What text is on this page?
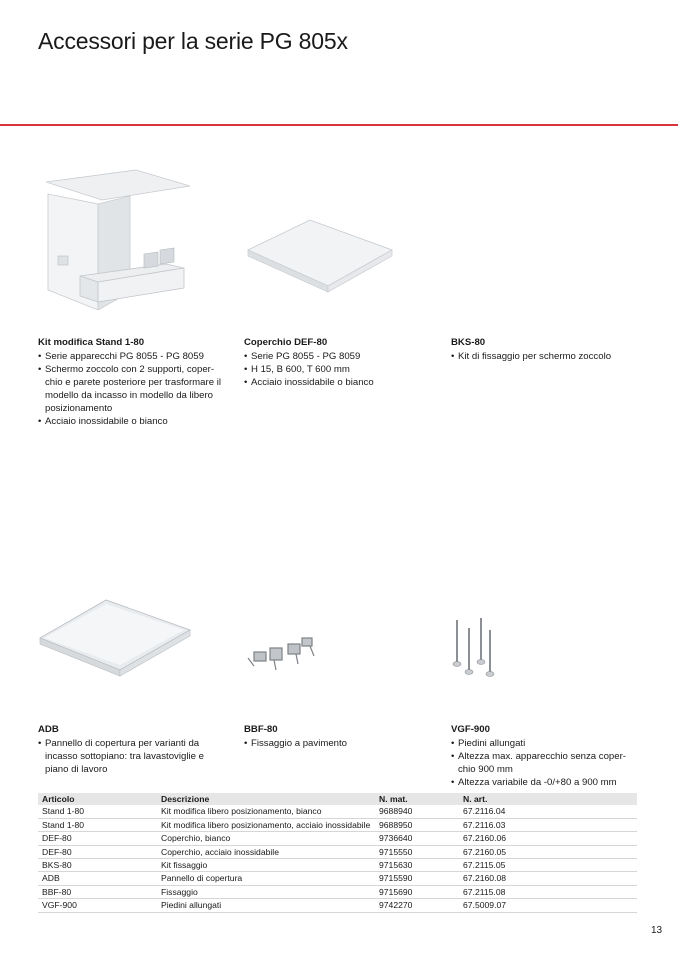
Accessori per la serie PG 805x
Kit modifica Stand 1-80
• Serie apparecchi PG 8055 - PG 8059
• Schermo zoccolo con 2 supporti, coper-chio e parete posteriore per trasformare il modello da incasso in modello da libero posizionamento
• Acciaio inossidabile o bianco
Coperchio DEF-80
• Serie PG 8055 - PG 8059
• H 15, B 600, T 600 mm
• Acciaio inossidabile o bianco
BKS-80
• Kit di fissaggio per schermo zoccolo
ADB
• Pannello di copertura per varianti da incasso sottopiano: tra lavastoviglie e piano di lavoro
BBF-80
• Fissaggio a pavimento
VGF-900
• Piedini allungati
• Altezza max. apparecchio senza coper-chio 900 mm
• Altezza variabile da -0/+80 a 900 mm
Articolo	Descrizione	N. mat.	N. art.
Stand 1-80	Kit modifica libero posizionamento, bianco	9688940	67.2116.04
Stand 1-80	Kit modifica libero posizionamento, acciaio inossidabile	9688950	67.2116.03
DEF-80	Coperchio, bianco	9736640	67.2160.06
DEF-80	Coperchio, acciaio inossidabile	9715550	67.2160.05
BKS-80	Kit fissaggio	9715630	67.2115.05
ADB	Pannello di copertura	9715590	67.2160.08
BBF-80	Fissaggio	9715690	67.2115.08
VGF-900	Piedini allungati	9742270	67.5009.07
13
